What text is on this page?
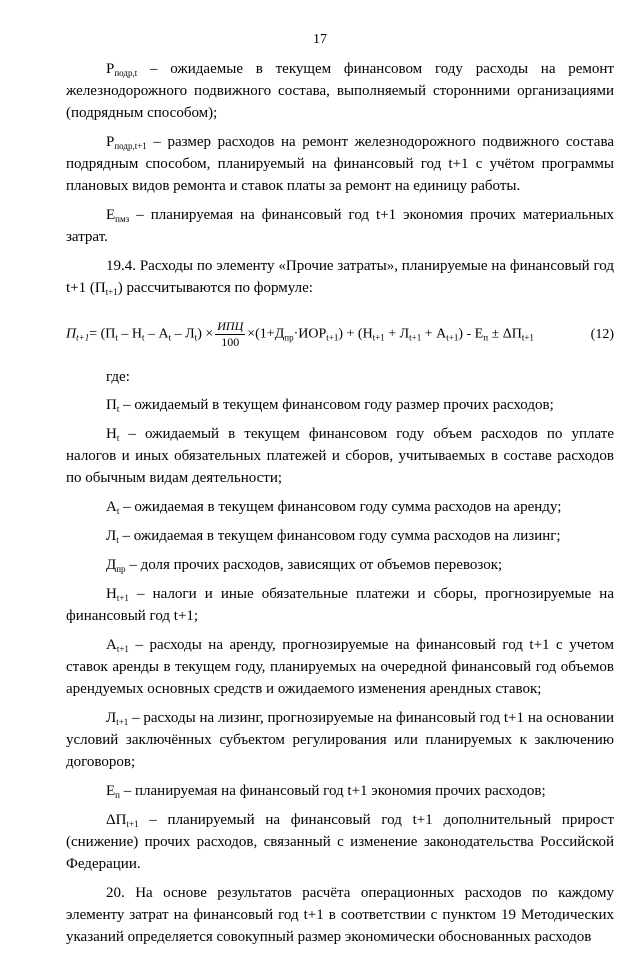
17

$Р_{подр,t}$ – ожидаемые в текущем финансовом году расходы на ремонт железнодорожного подвижного состава, выполняемый сторонними организациями (подрядным способом);

$Р_{подр,t+1}$ – размер расходов на ремонт железнодорожного подвижного состава подрядным способом, планируемый на финансовый год t+1 с учётом программы плановых видов ремонта и ставок платы за ремонт на единицу работы.

$Е_{пмз}$ – планируемая на финансовый год t+1 экономия прочих материальных затрат.

19.4. Расходы по элементу «Прочие затраты», планируемые на финансовый год t+1 $(П_{t+1})$ рассчитываются по формуле:

$П_{t+1}= (П_t - Н_t - А_t - Л_t) \times \frac{\text{ИПЦ}}{100} \times(1+Д_{пр}\cdot ИОР_{t+1}) + (Н_{t+1} + Л_{t+1} + А_{t+1}) - Е_п \pm \Delta П_{t+1}$	(12)

где:

$П_t$ – ожидаемый в текущем финансовом году размер прочих расходов;

$Н_t$ – ожидаемый в текущем финансовом году объем расходов по уплате налогов и иных обязательных платежей и сборов, учитываемых в составе расходов по обычным видам деятельности;

$А_t$ – ожидаемая в текущем финансовом году сумма расходов на аренду;

$Л_t$ – ожидаемая в текущем финансовом году сумма расходов на лизинг;

$Д_{пр}$ – доля прочих расходов, зависящих от объемов перевозок;

$Н_{t+1}$ – налоги и иные обязательные платежи и сборы, прогнозируемые на финансовый год t+1;

$А_{t+1}$ – расходы на аренду, прогнозируемые на финансовый год t+1 с учетом ставок аренды в текущем году, планируемых на очередной финансовый год объемов арендуемых основных средств и ожидаемого изменения арендных ставок;

$Л_{t+1}$ – расходы на лизинг, прогнозируемые на финансовый год t+1 на основании условий заключённых субъектом регулирования или планируемых к заключению договоров;

$Е_п$ – планируемая на финансовый год t+1 экономия прочих расходов;

$\Delta П_{t+1}$ – планируемый на финансовый год t+1 дополнительный прирост (снижение) прочих расходов, связанный с изменение законодательства Российской Федерации.

20. На основе результатов расчёта операционных расходов по каждому элементу затрат на финансовый год t+1 в соответствии с пунктом 19 Методических указаний определяется совокупный размер экономически обоснованных расходов
